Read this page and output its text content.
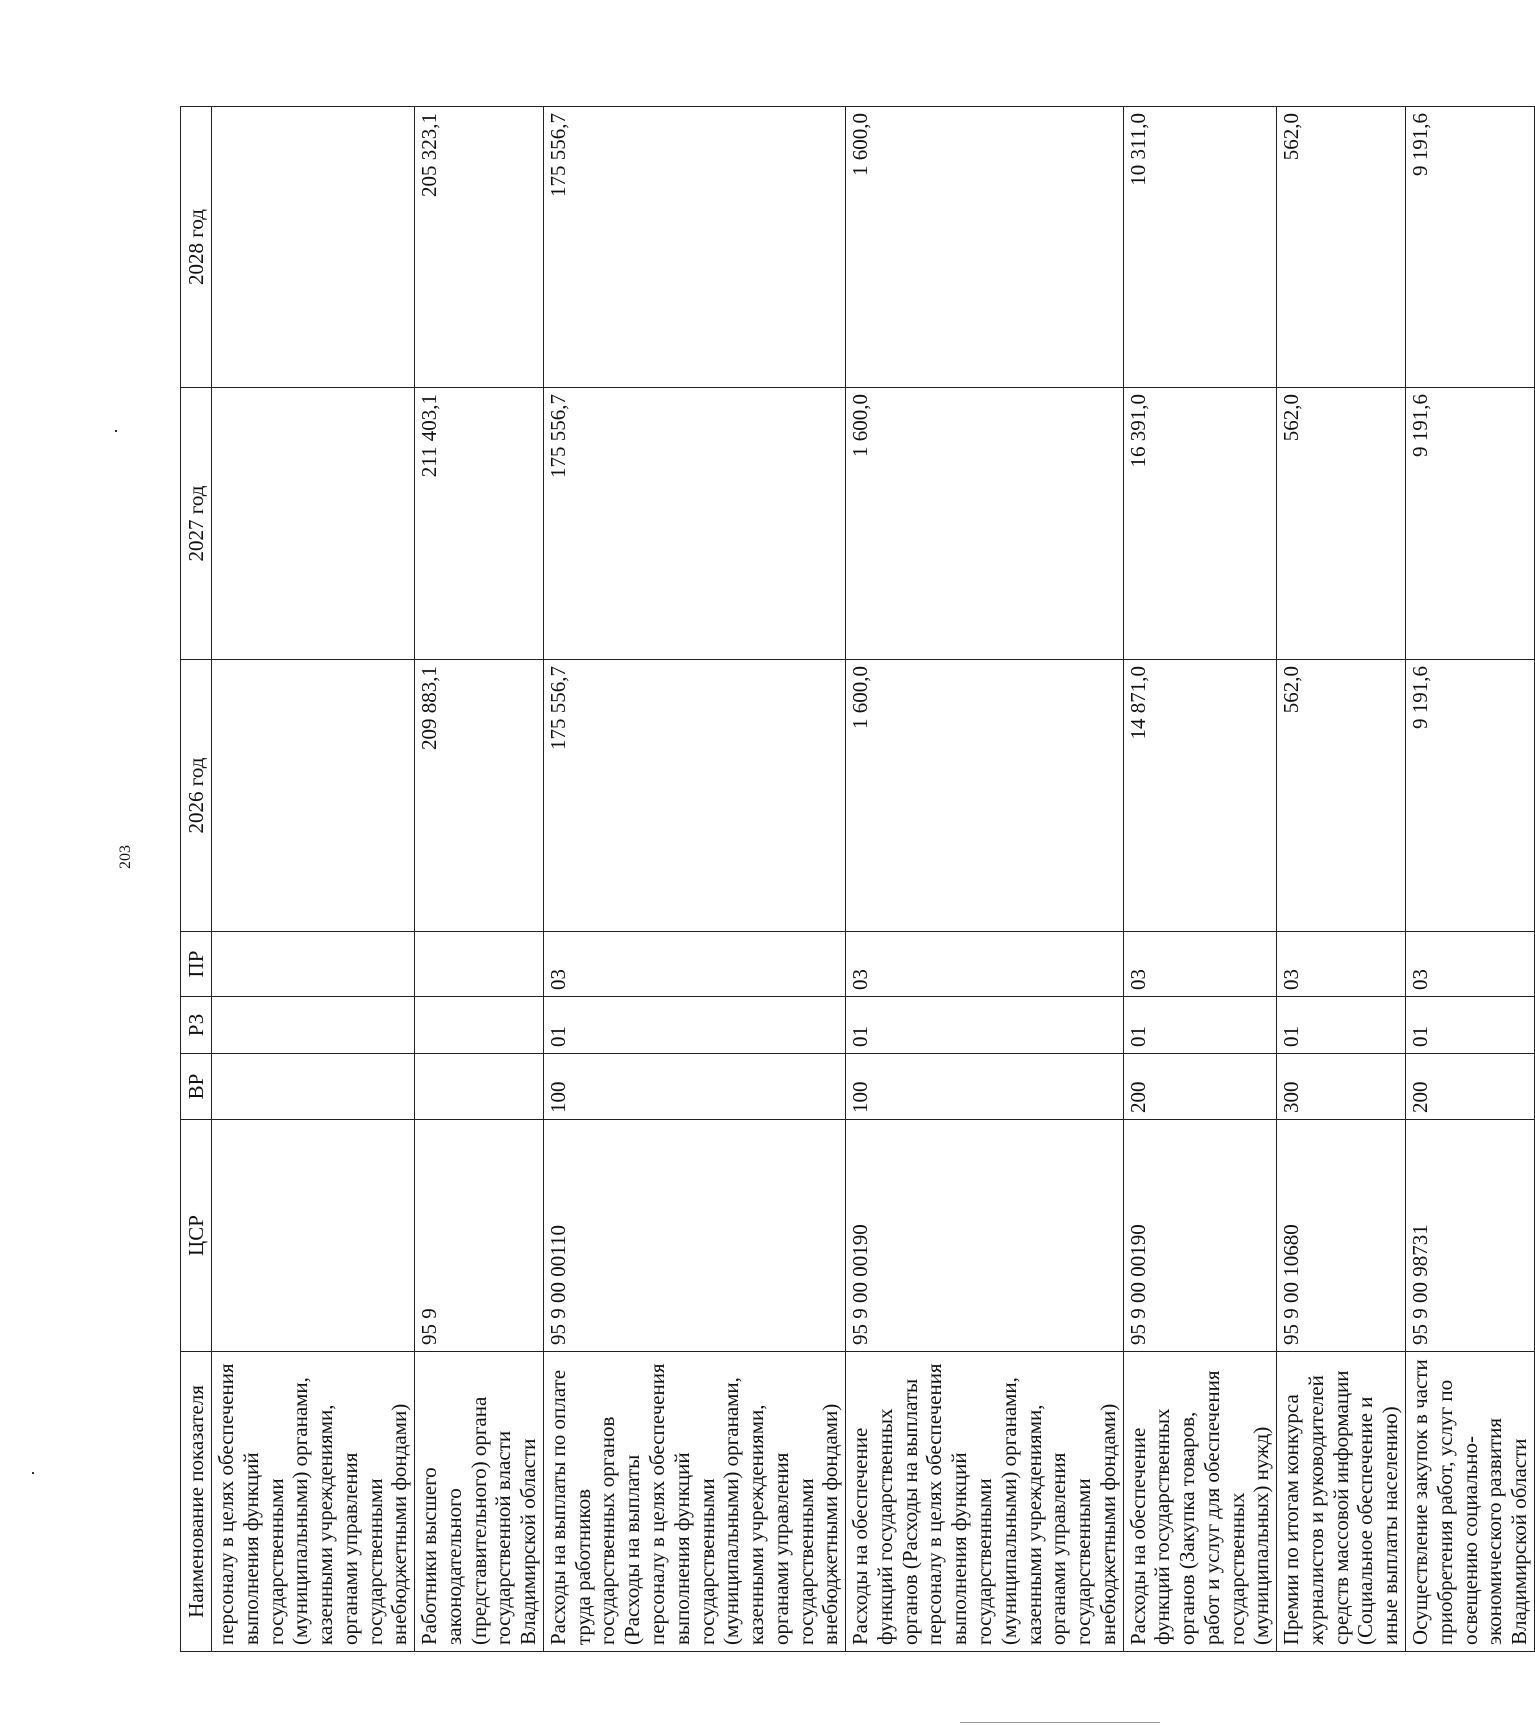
203
Наименование показателя	ЦСР	ВР	РЗ	ПР	2026 год	2027 год	2028 год
персоналу в целях обеспечения выполнения функций государственными (муниципальными) органами, казенными учреждениями, органами управления государственными внебюджетными фондами)							
Работники высшего законодательного (представительного) органа государственной власти Владимирской области	95 9				209 883,1	211 403,1	205 323,1
Расходы на выплаты по оплате труда работников государственных органов (Расходы на выплаты персоналу в целях обеспечения выполнения функций государственными (муниципальными) органами, казенными учреждениями, органами управления государственными внебюджетными фондами)	95 9 00 00110	100	01	03	175 556,7	175 556,7	175 556,7
Расходы на обеспечение функций государственных органов (Расходы на выплаты персоналу в целях обеспечения выполнения функций государственными (муниципальными) органами, казенными учреждениями, органами управления государственными внебюджетными фондами)	95 9 00 00190	100	01	03	1 600,0	1 600,0	1 600,0
Расходы на обеспечение функций государственных органов (Закупка товаров, работ и услуг для обеспечения государственных (муниципальных) нужд)	95 9 00 00190	200	01	03	14 871,0	16 391,0	10 311,0
Премии по итогам конкурса журналистов и руководителей средств массовой информации (Социальное обеспечение и иные выплаты населению)	95 9 00 10680	300	01	03	562,0	562,0	562,0
Осуществление закупок в части приобретения работ, услуг по освещению социально-экономического развития Владимирской области	95 9 00 98731	200	01	03	9 191,6	9 191,6	9 191,6
